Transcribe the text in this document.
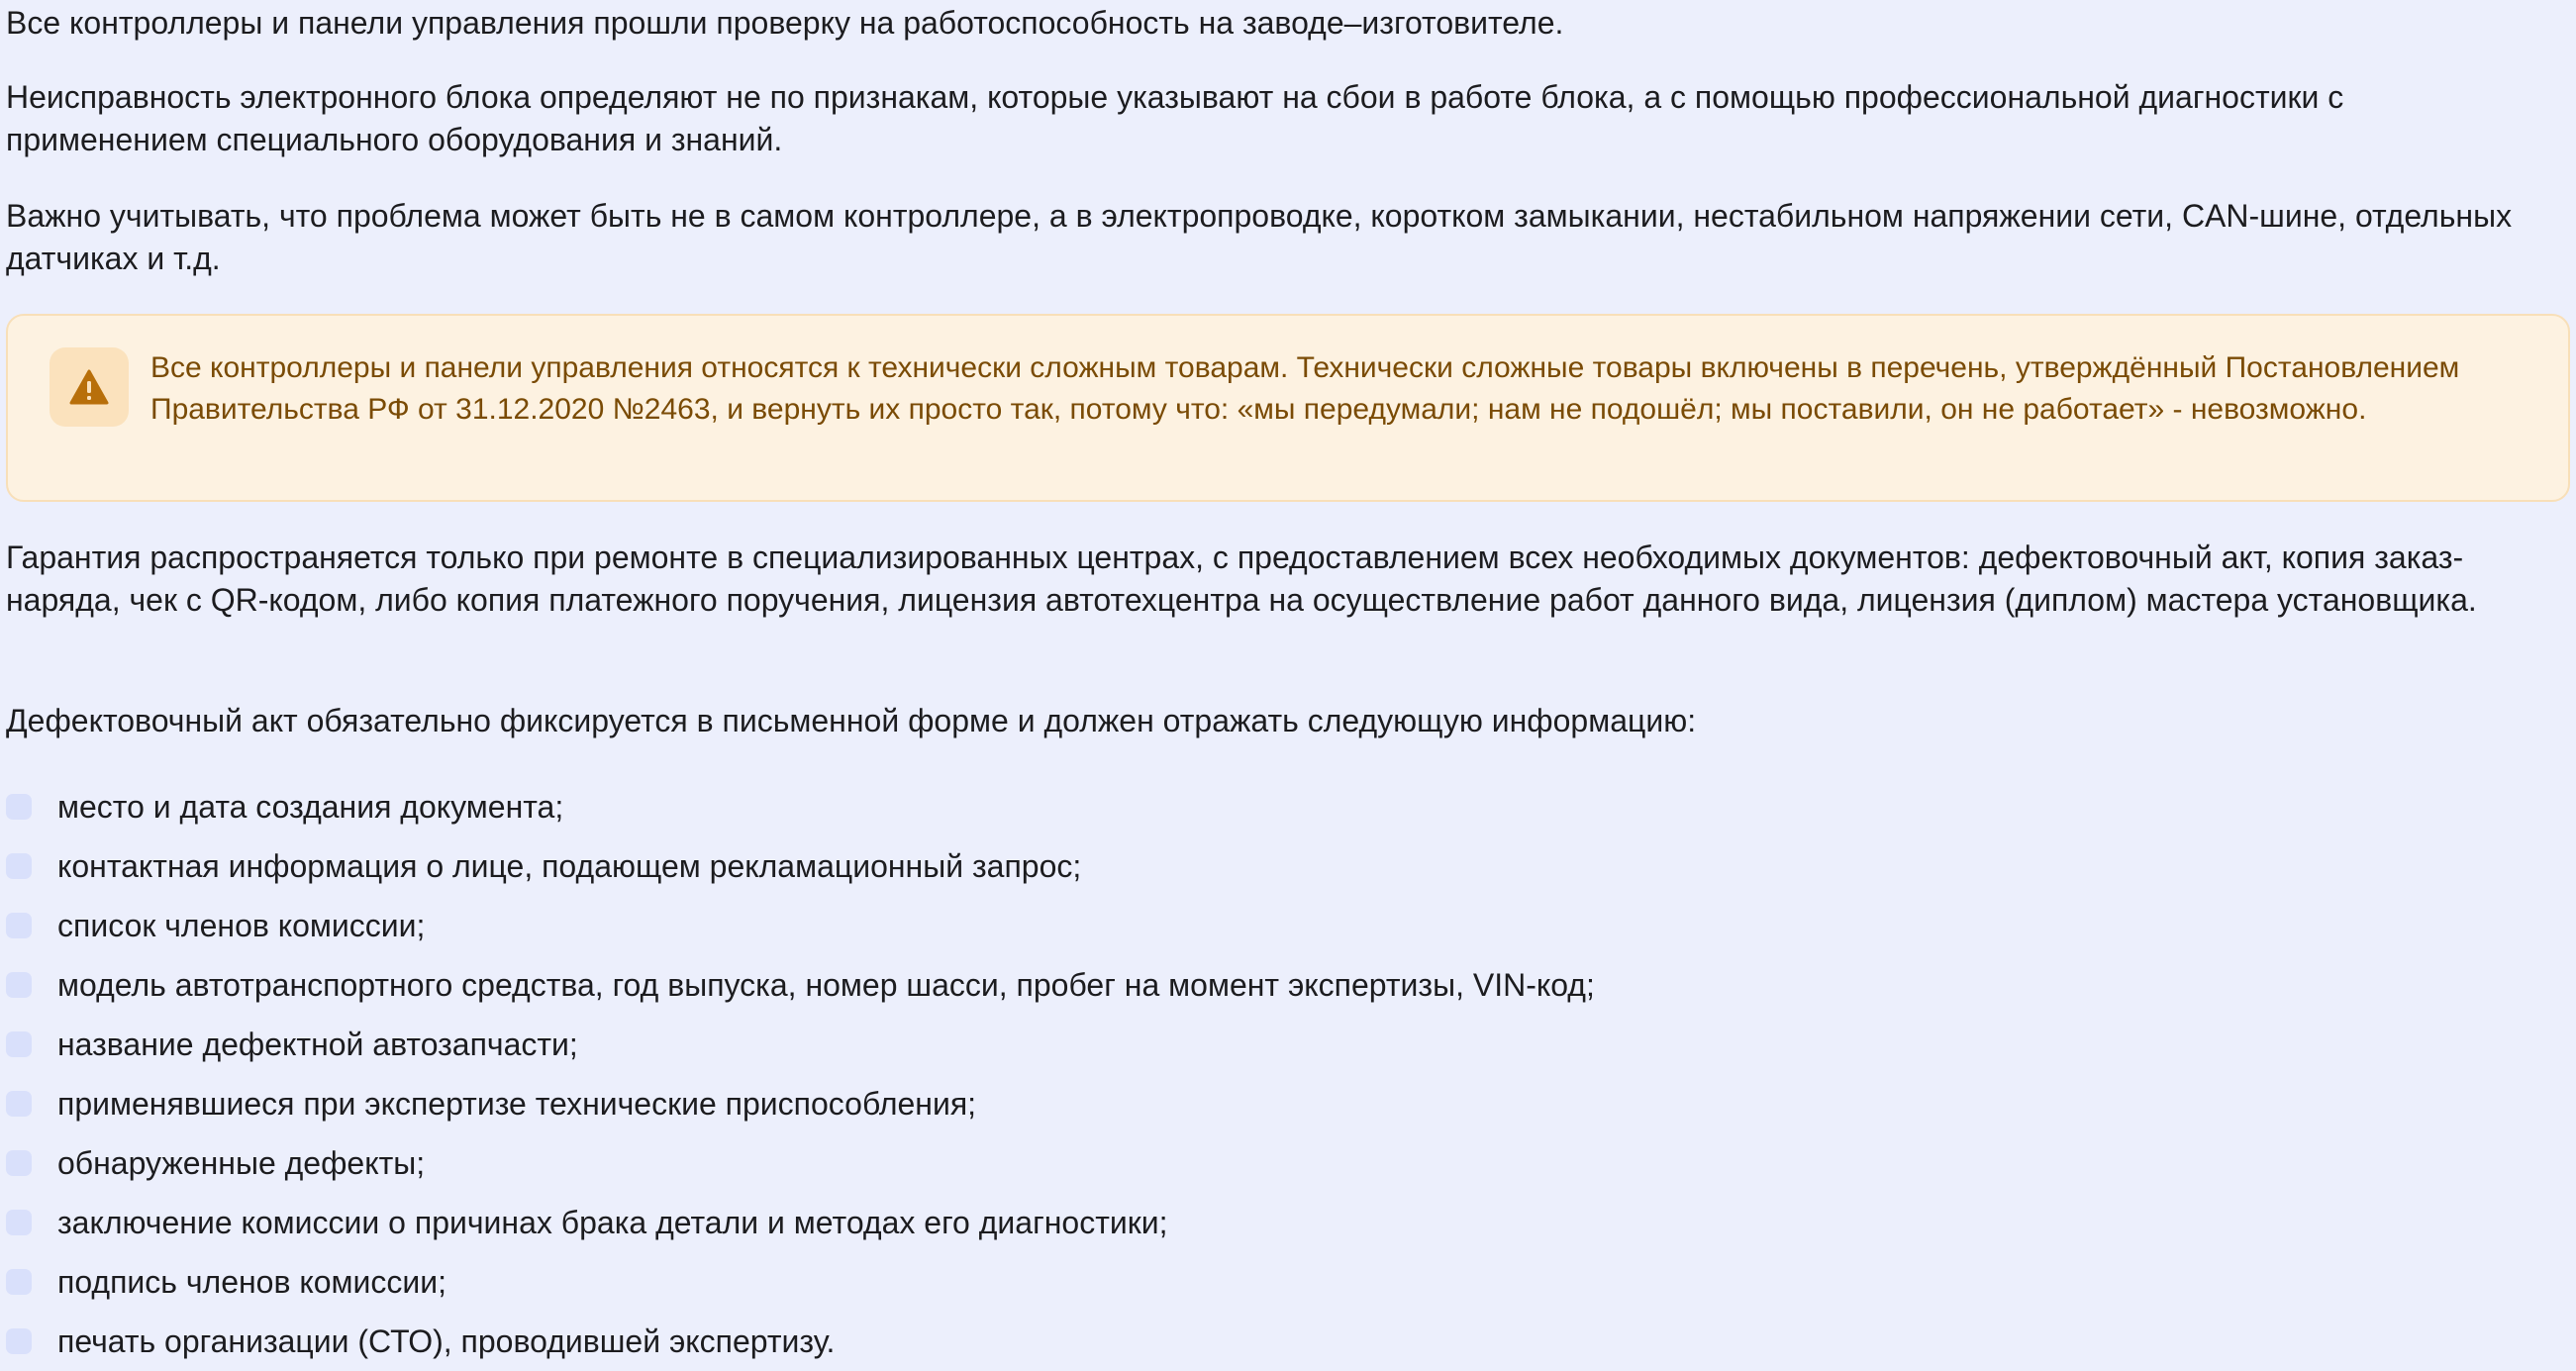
Все контроллеры и панели управления прошли проверку на работоспособность на заводе–изготовителе.

Неисправность электронного блока определяют не по признакам, которые указывают на сбои в работе блока, а с помощью профессиональной диагностики с применением специального оборудования и знаний.

Важно учитывать, что проблема может быть не в самом контроллере, а в электропроводке, коротком замыкании, нестабильном напряжении сети, CAN-шине, отдельных датчиках и т.д.

Все контроллеры и панели управления относятся к технически сложным товарам. Технически сложные товары включены в перечень, утверждённый Постановлением Правительства РФ от 31.12.2020 №2463, и вернуть их просто так, потому что: «мы передумали; нам не подошёл; мы поставили, он не работает» - невозможно.

Гарантия распространяется только при ремонте в специализированных центрах, с предоставлением всех необходимых документов: дефектовочный акт, копия заказ-наряда, чек с QR-кодом, либо копия платежного поручения, лицензия автотехцентра на осуществление работ данного вида, лицензия (диплом) мастера установщика.

Дефектовочный акт обязательно фиксируется в письменной форме и должен отражать следующую информацию:

место и дата создания документа;
контактная информация о лице, подающем рекламационный запрос;
список членов комиссии;
модель автотранспортного средства, год выпуска, номер шасси, пробег на момент экспертизы, VIN-код;
название дефектной автозапчасти;
применявшиеся при экспертизе технические приспособления;
обнаруженные дефекты;
заключение комиссии о причинах брака детали и методах его диагностики;
подпись членов комиссии;
печать организации (СТО), проводившей экспертизу.
